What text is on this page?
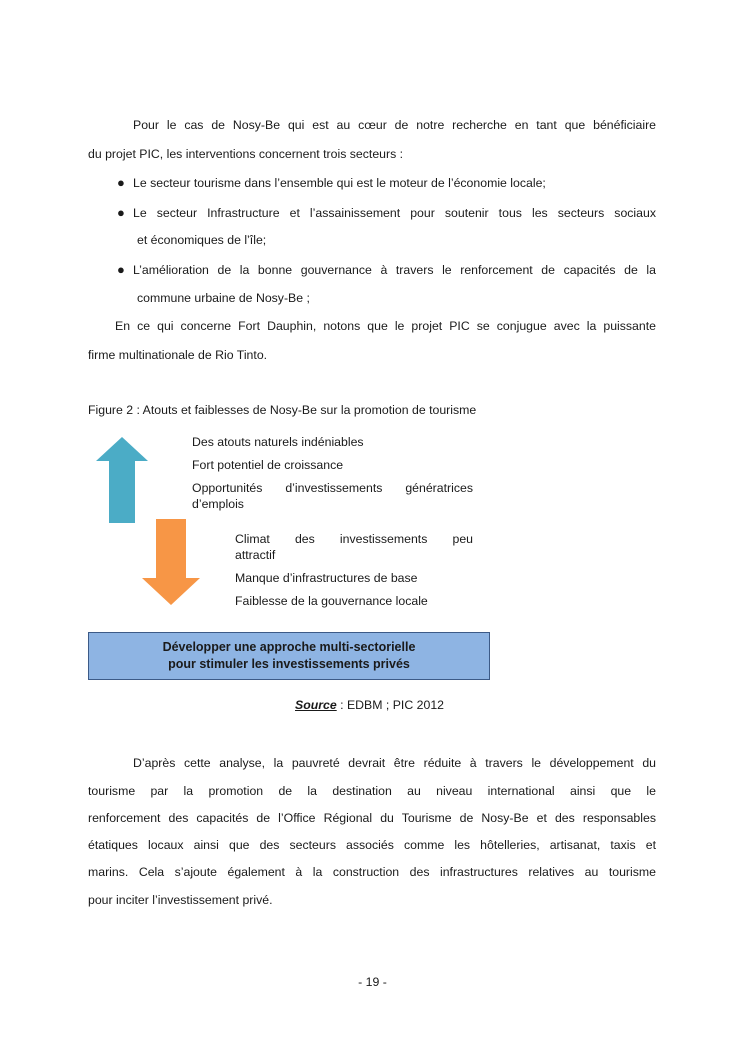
Pour le cas de Nosy-Be qui est au cœur de notre recherche en tant que bénéficiaire
du projet PIC, les interventions concernent trois secteurs :
● Le secteur tourisme dans l’ensemble qui est le moteur de l’économie locale;
● Le secteur Infrastructure et l’assainissement pour soutenir tous les secteurs sociaux
et économiques de l’île;
● L’amélioration de la bonne gouvernance à travers le renforcement de capacités de la
commune urbaine de Nosy-Be ;
En ce qui concerne Fort Dauphin, notons que le projet PIC se conjugue avec la puissante
firme multinationale de Rio Tinto.
Figure 2 : Atouts et faiblesses de Nosy-Be sur la promotion de tourisme
Des atouts naturels indéniables
Fort potentiel de croissance
Opportunités d’investissements génératrices
d’emplois
Climat des investissements peu
attractif
Manque d’infrastructures de base
Faiblesse de la gouvernance locale
Développer une approche multi-sectorielle
pour stimuler les investissements privés
Source : EDBM ; PIC 2012
D’après cette analyse, la pauvreté devrait être réduite à travers le développement du
tourisme par la promotion de la destination au niveau international ainsi que le
renforcement des capacités de l’Office Régional du Tourisme de Nosy-Be et des responsables
étatiques locaux ainsi que des secteurs associés comme les hôtelleries, artisanat, taxis et
marins. Cela s’ajoute également à la construction des infrastructures relatives au tourisme
pour inciter l’investissement privé.
- 19 -
